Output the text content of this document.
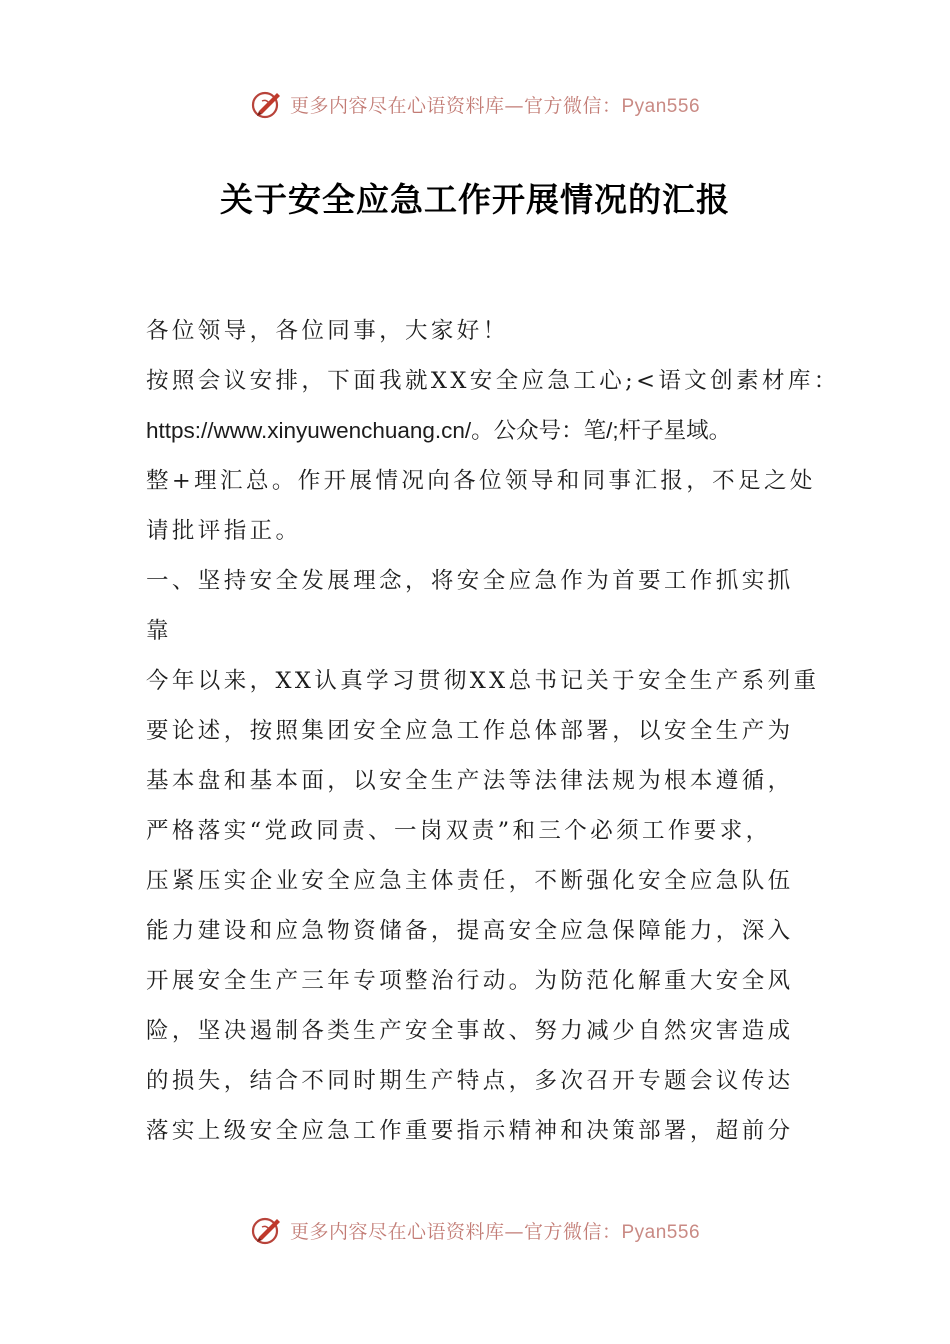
更多内容尽在心语资料库—官方微信：Pyan556
关于安全应急工作开展情况的汇报
各位领导，各位同事，大家好！
按照会议安排，下面我就XX安全应急工心;<语文创素材库：
https://www.xinyuwenchuang.cn/。公众号：笔/;杆子星域。
整+理汇总。作开展情况向各位领导和同事汇报，不足之处
请批评指正。
一、坚持安全发展理念，将安全应急作为首要工作抓实抓
靠
今年以来，XX认真学习贯彻XX总书记关于安全生产系列重
要论述，按照集团安全应急工作总体部署，以安全生产为
基本盘和基本面，以安全生产法等法律法规为根本遵循，
严格落实“党政同责、一岗双责”和三个必须工作要求，
压紧压实企业安全应急主体责任，不断强化安全应急队伍
能力建设和应急物资储备，提高安全应急保障能力，深入
开展安全生产三年专项整治行动。为防范化解重大安全风
险，坚决遏制各类生产安全事故、努力减少自然灾害造成
的损失，结合不同时期生产特点，多次召开专题会议传达
落实上级安全应急工作重要指示精神和决策部署，超前分
更多内容尽在心语资料库—官方微信：Pyan556
